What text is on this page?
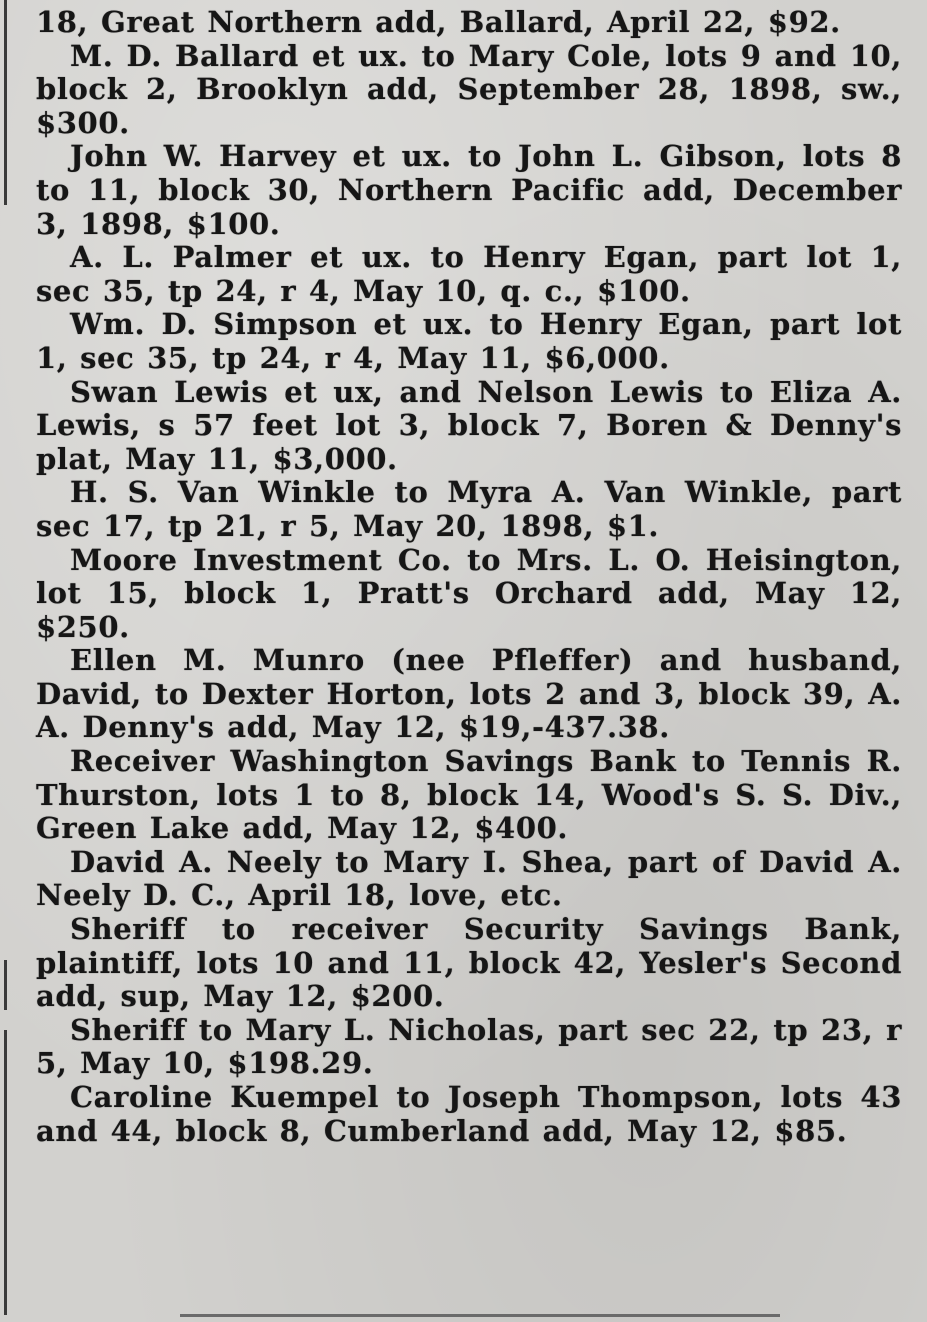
18, Great Northern add, Ballard, April 22, $92.

M. D. Ballard et ux. to Mary Cole, lots 9 and 10, block 2, Brooklyn add, September 28, 1898, sw., $300.

John W. Harvey et ux. to John L. Gibson, lots 8 to 11, block 30, Northern Pacific add, December 3, 1898, $100.

A. L. Palmer et ux. to Henry Egan, part lot 1, sec 35, tp 24, r 4, May 10, q. c., $100.

Wm. D. Simpson et ux. to Henry Egan, part lot 1, sec 35, tp 24, r 4, May 11, $6,000.

Swan Lewis et ux, and Nelson Lewis to Eliza A. Lewis, s 57 feet lot 3, block 7, Boren & Denny's plat, May 11, $3,000.

H. S. Van Winkle to Myra A. Van Winkle, part sec 17, tp 21, r 5, May 20, 1898, $1.

Moore Investment Co. to Mrs. L. O. Heisington, lot 15, block 1, Pratt's Orchard add, May 12, $250.

Ellen M. Munro (nee Pfleffer) and husband, David, to Dexter Horton, lots 2 and 3, block 39, A. A. Denny's add, May 12, $19,-437.38.

Receiver Washington Savings Bank to Tennis R. Thurston, lots 1 to 8, block 14, Wood's S. S. Div., Green Lake add, May 12, $400.

David A. Neely to Mary I. Shea, part of David A. Neely D. C., April 18, love, etc.

Sheriff to receiver Security Savings Bank, plaintiff, lots 10 and 11, block 42, Yesler's Second add, sup, May 12, $200.

Sheriff to Mary L. Nicholas, part sec 22, tp 23, r 5, May 10, $198.29.

Caroline Kuempel to Joseph Thompson, lots 43 and 44, block 8, Cumberland add, May 12, $85.
